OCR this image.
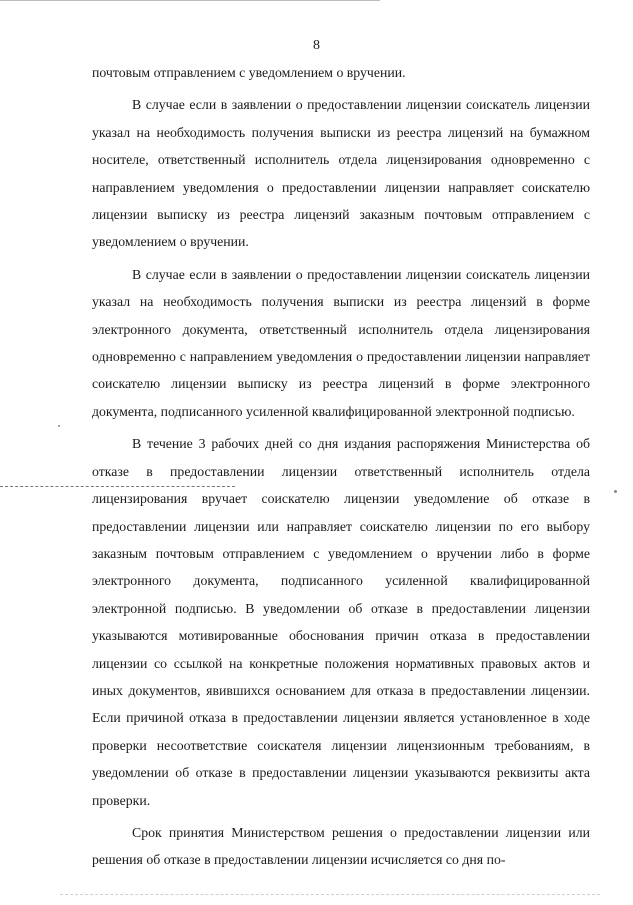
8

почтовым отправлением с уведомлением о вручении.

В случае если в заявлении о предоставлении лицензии соискатель лицензии указал на необходимость получения выписки из реестра лицензий на бумажном носителе, ответственный исполнитель отдела лицензирования одновременно с направлением уведомления о предоставлении лицензии направляет соискателю лицензии выписку из реестра лицензий заказным почтовым отправлением с уведомлением о вручении.

В случае если в заявлении о предоставлении лицензии соискатель лицензии указал на необходимость получения выписки из реестра лицензий в форме электронного документа, ответственный исполнитель отдела лицензирования одновременно с направлением уведомления о предоставлении лицензии направляет соискателю лицензии выписку из реестра лицензий в форме электронного документа, подписанного усиленной квалифицированной электронной подписью.

В течение 3 рабочих дней со дня издания распоряжения Министерства об отказе в предоставлении лицензии ответственный исполнитель отдела лицензирования вручает соискателю лицензии уведомление об отказе в предоставлении лицензии или направляет соискателю лицензии по его выбору заказным почтовым отправлением с уведомлением о вручении либо в форме электронного документа, подписанного усиленной квалифицированной электронной подписью. В уведомлении об отказе в предоставлении лицензии указываются мотивированные обоснования причин отказа в предоставлении лицензии со ссылкой на конкретные положения нормативных правовых актов и иных документов, явившихся основанием для отказа в предоставлении лицензии. Если причиной отказа в предоставлении лицензии является установленное в ходе проверки несоответствие соискателя лицензии лицензионным требованиям, в уведомлении об отказе в предоставлении лицензии указываются реквизиты акта проверки.

Срок принятия Министерством решения о предоставлении лицензии или решения об отказе в предоставлении лицензии исчисляется со дня по-
